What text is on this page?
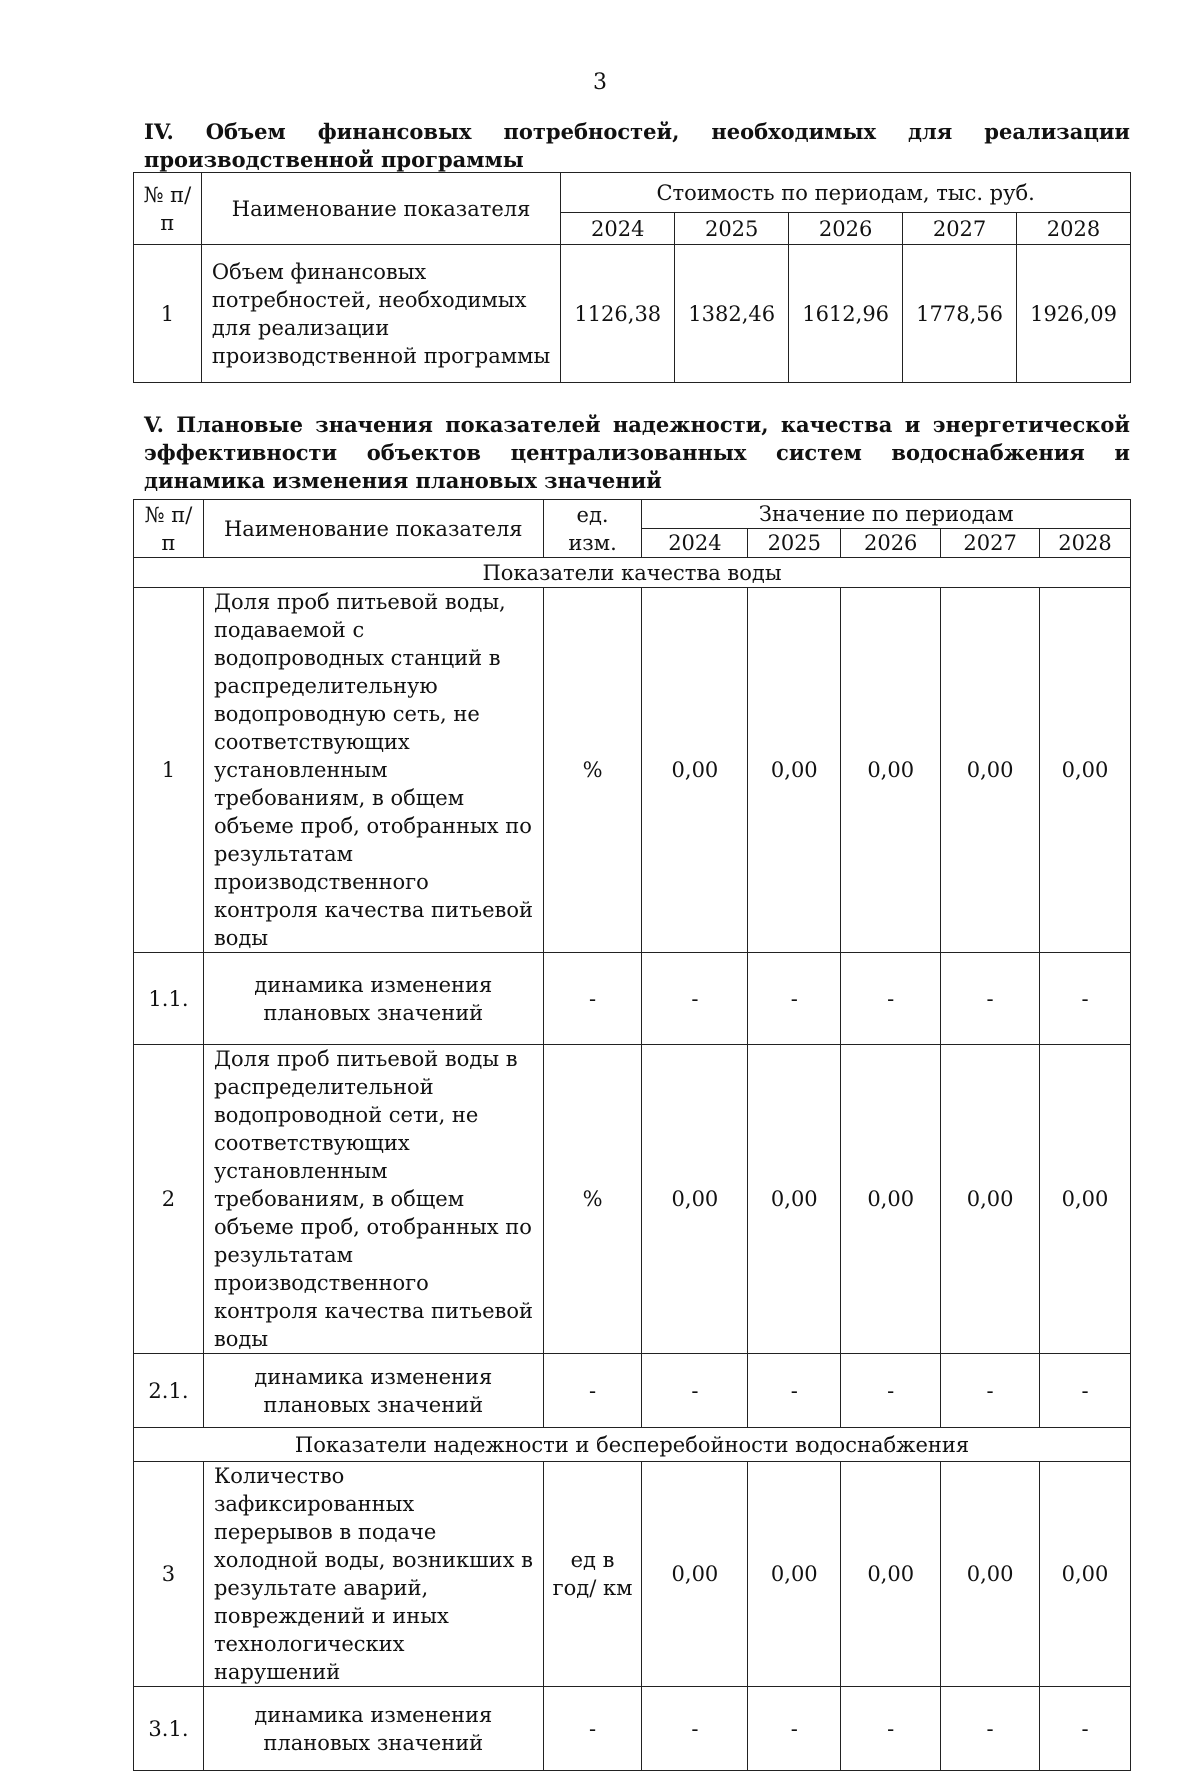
3
IV. Объем финансовых потребностей, необходимых для реализации производственной программы
№ п/п	Наименование показателя	Стоимость по периодам, тыс. руб.				
		2024	2025	2026	2027	2028
1	Объем финансовых потребностей, необходимых для реализации производственной программы	1126,38	1382,46	1612,96	1778,56	1926,09
V. Плановые значения показателей надежности, качества и энергетической эффективности объектов централизованных систем водоснабжения и динамика изменения плановых значений
№ п/п	Наименование показателя	ед. изм.	Значение по периодам				
			2024	2025	2026	2027	2028
Показатели качества воды							
1	Доля проб питьевой воды, подаваемой с водопроводных станций в распределительную водопроводную сеть, не соответствующих установленным требованиям, в общем объеме проб, отобранных по результатам производственного контроля качества питьевой воды	%	0,00	0,00	0,00	0,00	0,00
1.1.	динамика изменения плановых значений	-	-	-	-	-	-
2	Доля проб питьевой воды в распределительной водопроводной сети, не соответствующих установленным требованиям, в общем объеме проб, отобранных по результатам производственного контроля качества питьевой воды	%	0,00	0,00	0,00	0,00	0,00
2.1.	динамика изменения плановых значений	-	-	-	-	-	-
Показатели надежности и бесперебойности водоснабжения							
3	Количество зафиксированных перерывов в подаче холодной воды, возникших в результате аварий, повреждений и иных технологических нарушений	ед в год/ км	0,00	0,00	0,00	0,00	0,00
3.1.	динамика изменения плановых значений	-	-	-	-	-	-
